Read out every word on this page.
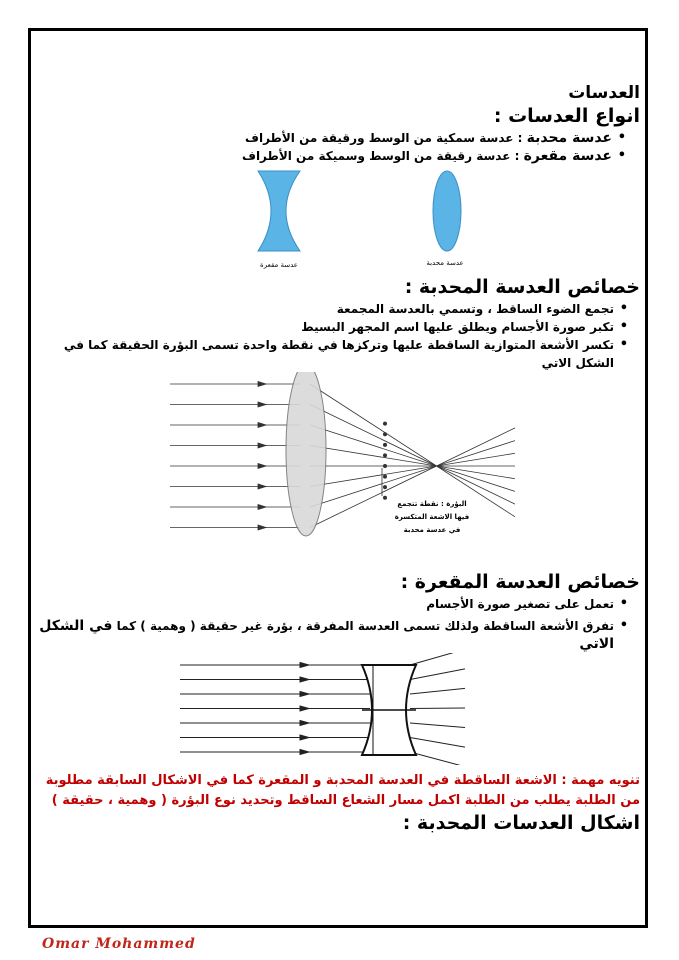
العدسات
انواع العدسات :
• عدسة محدبة : عدسة سمكية من الوسط ورقيقة من الأطراف
• عدسة مقعرة : عدسة رقيقة من الوسط وسميكة من الأطراف
عدسة مقعرة	عدسة محدبة
خصائص العدسة المحدبة :
• تجمع الضوء الساقط ، وتسمي بالعدسة المجمعة
• تكبر صورة الأجسام ويطلق عليها اسم المجهر البسيط
• تكسر الأشعة المتوازية الساقطة عليها وتركزها في نقطة واحدة تسمى البؤرة الحقيقة كما في الشكل الاتي
البؤرة : نقطة تتجمع
فيها الاشعة المتكسرة
في عدسة محدبة
خصائص العدسة المقعرة :
• تعمل على تصغير صورة الأجسام
• تفرق الأشعة الساقطة ولذلك تسمى العدسة المفرقة ، بؤرة غير حقيقة ( وهمية ) كما في الشكل الاتي
تنويه مهمة : الاشعة الساقطة في العدسة المحدبة و المقعرة كما في الاشكال السابقة مطلوبة من الطلبة يطلب من الطلبة اكمل مسار الشعاع الساقط وتحديد نوع البؤرة ( وهمية ، حقيقة )
اشكال العدسات المحدبة :
Omar Mohammed
